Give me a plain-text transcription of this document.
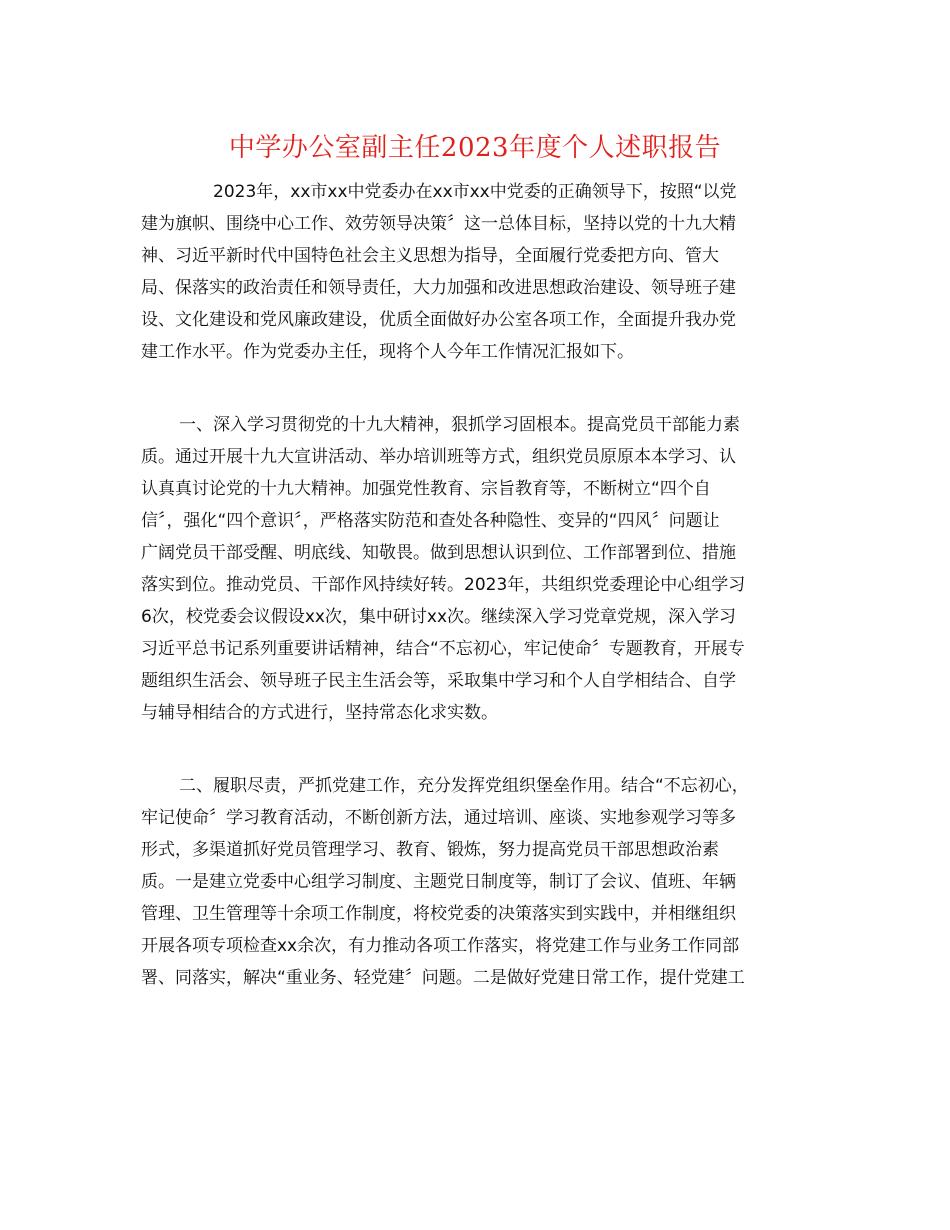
中学办公室副主任2023年度个人述职报告
2023年，xx市xx中党委办在xx市xx中党委的正确领导下，按照“以党
建为旗帜、围绕中心工作、效劳领导决策〞这一总体目标，坚持以党的十九大精
神、习近平新时代中国特色社会主义思想为指导，全面履行党委把方向、管大
局、保落实的政治责任和领导责任，大力加强和改进思想政治建设、领导班子建
设、文化建设和党风廉政建设，优质全面做好办公室各项工作，全面提升我办党
建工作水平。作为党委办主任，现将个人今年工作情况汇报如下。
一、深入学习贯彻党的十九大精神，狠抓学习固根本。提高党员干部能力素
质。通过开展十九大宣讲活动、举办培训班等方式，组织党员原原本本学习、认
认真真讨论党的十九大精神。加强党性教育、宗旨教育等，不断树立“四个自
信〞，强化“四个意识〞，严格落实防范和查处各种隐性、变异的“四风〞问题让
广阔党员干部受醒、明底线、知敬畏。做到思想认识到位、工作部署到位、措施
落实到位。推动党员、干部作风持续好转。2023年，共组织党委理论中心组学习
6次，校党委会议假设xx次，集中研讨xx次。继续深入学习党章党规，深入学习
习近平总书记系列重要讲话精神，结合“不忘初心，牢记使命〞专题教育，开展专
题组织生活会、领导班子民主生活会等，采取集中学习和个人自学相结合、自学
与辅导相结合的方式进行，坚持常态化求实数。
二、履职尽责，严抓党建工作，充分发挥党组织堡垒作用。结合“不忘初心，
牢记使命〞学习教育活动，不断创新方法，通过培训、座谈、实地参观学习等多
形式，多渠道抓好党员管理学习、教育、锻炼，努力提高党员干部思想政治素
质。一是建立党委中心组学习制度、主题党日制度等，制订了会议、值班、年辆
管理、卫生管理等十余项工作制度，将校党委的决策落实到实践中，并相继组织
开展各项专项检查xx余次，有力推动各项工作落实，将党建工作与业务工作同部
署、同落实，解决“重业务、轻党建〞问题。二是做好党建日常工作，提什党建工
